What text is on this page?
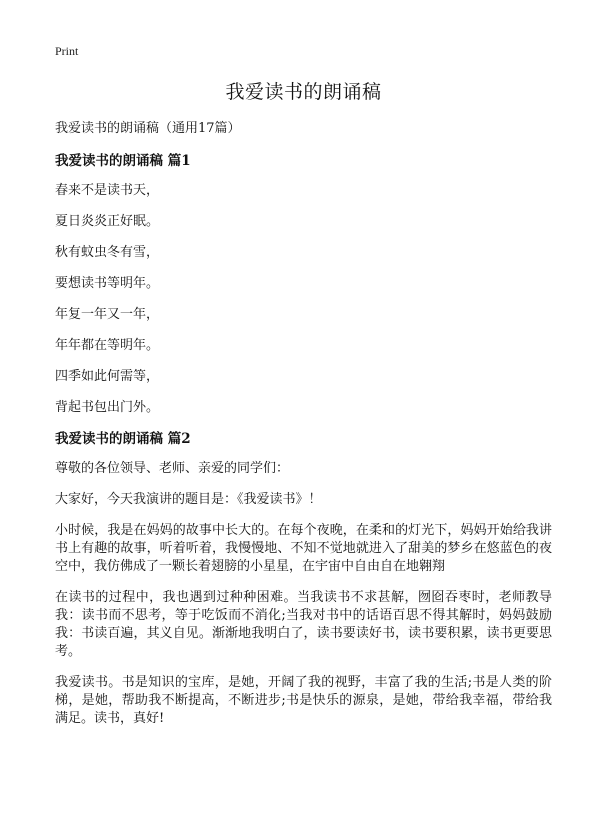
Print
我爱读书的朗诵稿
我爱读书的朗诵稿（通用17篇）
我爱读书的朗诵稿 篇1
春来不是读书天，
夏日炎炎正好眠。
秋有蚊虫冬有雪，
要想读书等明年。
年复一年又一年，
年年都在等明年。
四季如此何需等，
背起书包出门外。
我爱读书的朗诵稿 篇2
尊敬的各位领导、老师、亲爱的同学们：
大家好，今天我演讲的题目是：《我爱读书》！
小时候，我是在妈妈的故事中长大的。在每个夜晚，在柔和的灯光下，妈妈开始给我讲书上有趣的故事，听着听着，我慢慢地、不知不觉地就进入了甜美的梦乡在悠蓝色的夜空中，我仿佛成了一颗长着翅膀的小星星，在宇宙中自由自在地翱翔
在读书的过程中，我也遇到过种种困难。当我读书不求甚解，囫囵吞枣时，老师教导我：读书而不思考，等于吃饭而不消化;当我对书中的话语百思不得其解时，妈妈鼓励我：书读百遍，其义自见。渐渐地我明白了，读书要读好书，读书要积累，读书更要思考。
我爱读书。书是知识的宝库，是她，开阔了我的视野，丰富了我的生活;书是人类的阶梯，是她，帮助我不断提高，不断进步;书是快乐的源泉，是她，带给我幸福，带给我满足。读书，真好!
